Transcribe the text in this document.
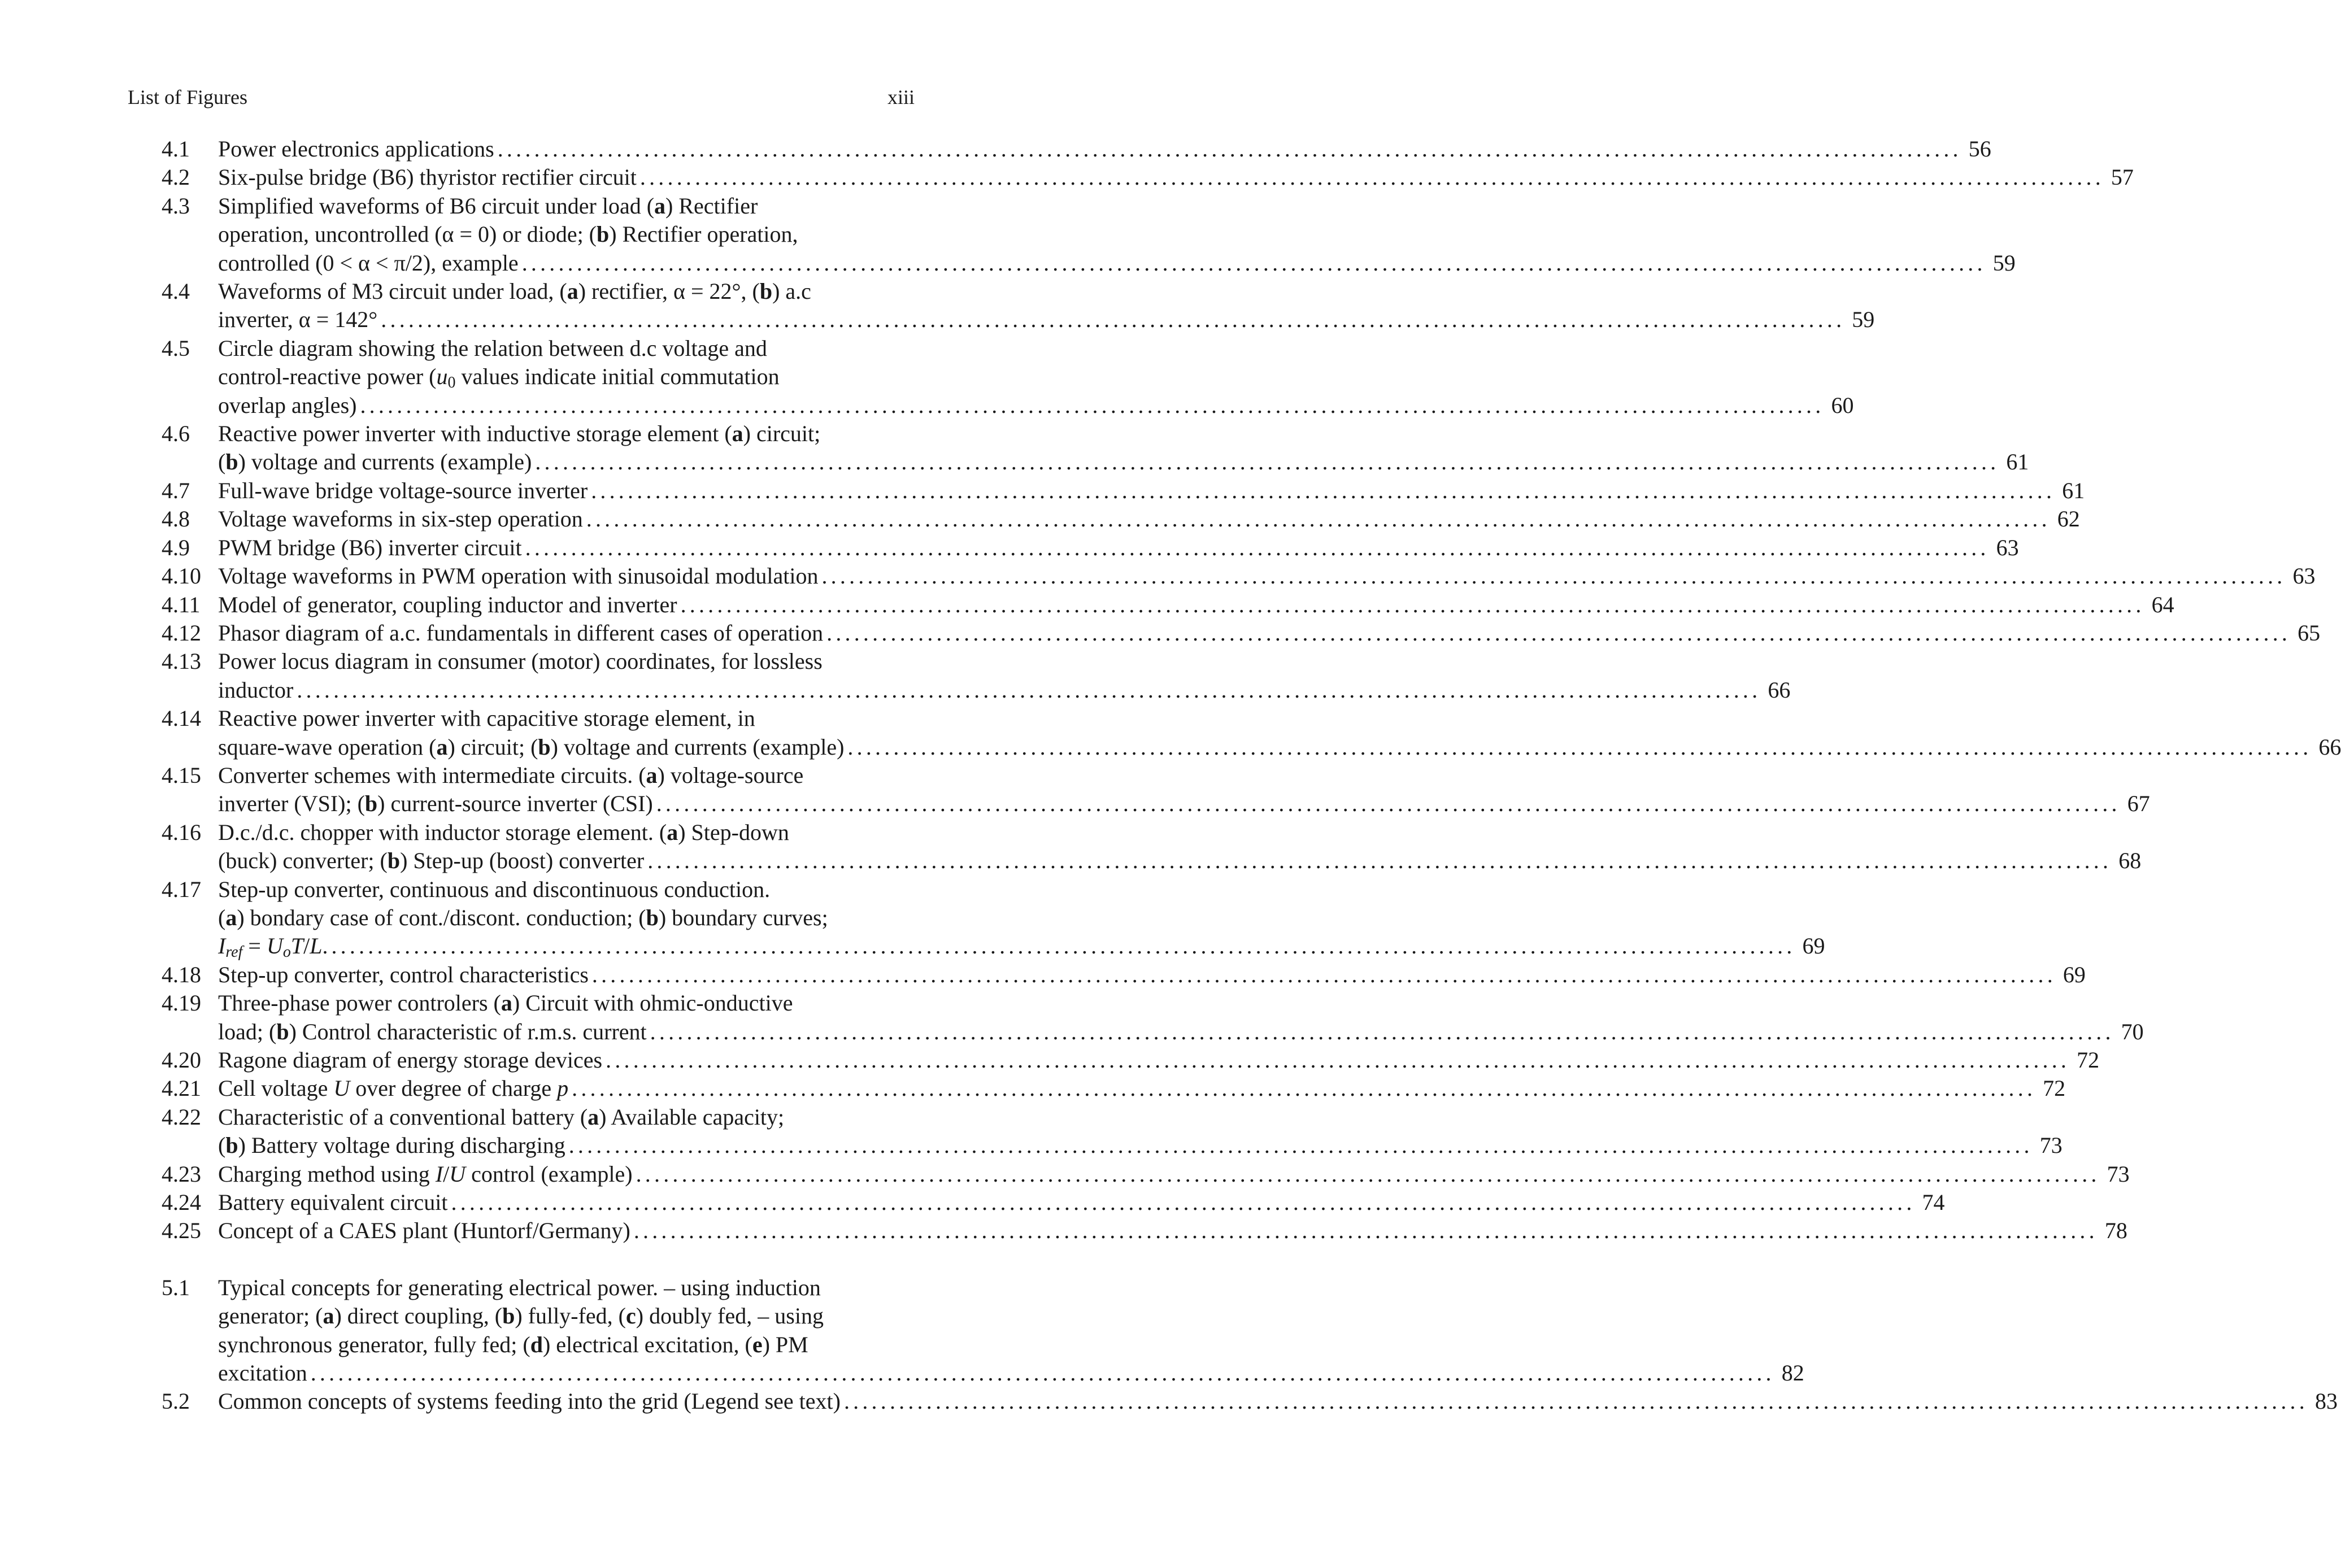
List of Figures	xiii
4.1	Power electronics applications ................................................................................................................................................................ 56
4.2	Six-pulse bridge (B6) thyristor rectifier circuit ................................................................................................................................................................ 57
4.3	Simplified waveforms of B6 circuit under load (a) Rectifier
operation, uncontrolled (α = 0) or diode; (b) Rectifier operation,
controlled (0 < α < π/2), example ................................................................................................................................................................ 59
4.4	Waveforms of M3 circuit under load, (a) rectifier, α = 22°, (b) a.c
inverter, α = 142° ................................................................................................................................................................ 59
4.5	Circle diagram showing the relation between d.c voltage and
control-reactive power ($u_0$ values indicate initial commutation
overlap angles) ................................................................................................................................................................ 60
4.6	Reactive power inverter with inductive storage element (a) circuit;
(b) voltage and currents (example) ................................................................................................................................................................ 61
4.7	Full-wave bridge voltage-source inverter ................................................................................................................................................................ 61
4.8	Voltage waveforms in six-step operation ................................................................................................................................................................ 62
4.9	PWM bridge (B6) inverter circuit ................................................................................................................................................................ 63
4.10 Voltage waveforms in PWM operation with sinusoidal modulation ................................................................................................................................................................ 63
4.11 Model of generator, coupling inductor and inverter ................................................................................................................................................................ 64
4.12 Phasor diagram of a.c. fundamentals in different cases of operation ................................................................................................................................................................ 65
4.13 Power locus diagram in consumer (motor) coordinates, for lossless
inductor ................................................................................................................................................................ 66
4.14 Reactive power inverter with capacitive storage element, in
square-wave operation (a) circuit; (b) voltage and currents (example) ................................................................................................................................................................ 66
4.15 Converter schemes with intermediate circuits. (a) voltage-source
inverter (VSI); (b) current-source inverter (CSI) ................................................................................................................................................................ 67
4.16 D.c./d.c. chopper with inductor storage element. (a) Step-down
(buck) converter; (b) Step-up (boost) converter ................................................................................................................................................................ 68
4.17 Step-up converter, continuous and discontinuous conduction.
(a) bondary case of cont./discont. conduction; (b) boundary curves;
$I_{ref} = U_oT/L$. ................................................................................................................................................................ 69
4.18 Step-up converter, control characteristics ................................................................................................................................................................ 69
4.19 Three-phase power controlers (a) Circuit with ohmic-onductive
load; (b) Control characteristic of r.m.s. current ................................................................................................................................................................ 70
4.20 Ragone diagram of energy storage devices ................................................................................................................................................................ 72
4.21 Cell voltage U over degree of charge p ................................................................................................................................................................ 72
4.22 Characteristic of a conventional battery (a) Available capacity;
(b) Battery voltage during discharging ................................................................................................................................................................ 73
4.23 Charging method using I/U control (example) ................................................................................................................................................................ 73
4.24 Battery equivalent circuit ................................................................................................................................................................ 74
4.25 Concept of a CAES plant (Huntorf/Germany) ................................................................................................................................................................ 78
5.1	Typical concepts for generating electrical power. – using induction
generator; (a) direct coupling, (b) fully-fed, (c) doubly fed, – using
synchronous generator, fully fed; (d) electrical excitation, (e) PM
excitation ................................................................................................................................................................ 82
5.2	Common concepts of systems feeding into the grid (Legend see text) ................................................................................................................................................................ 83
